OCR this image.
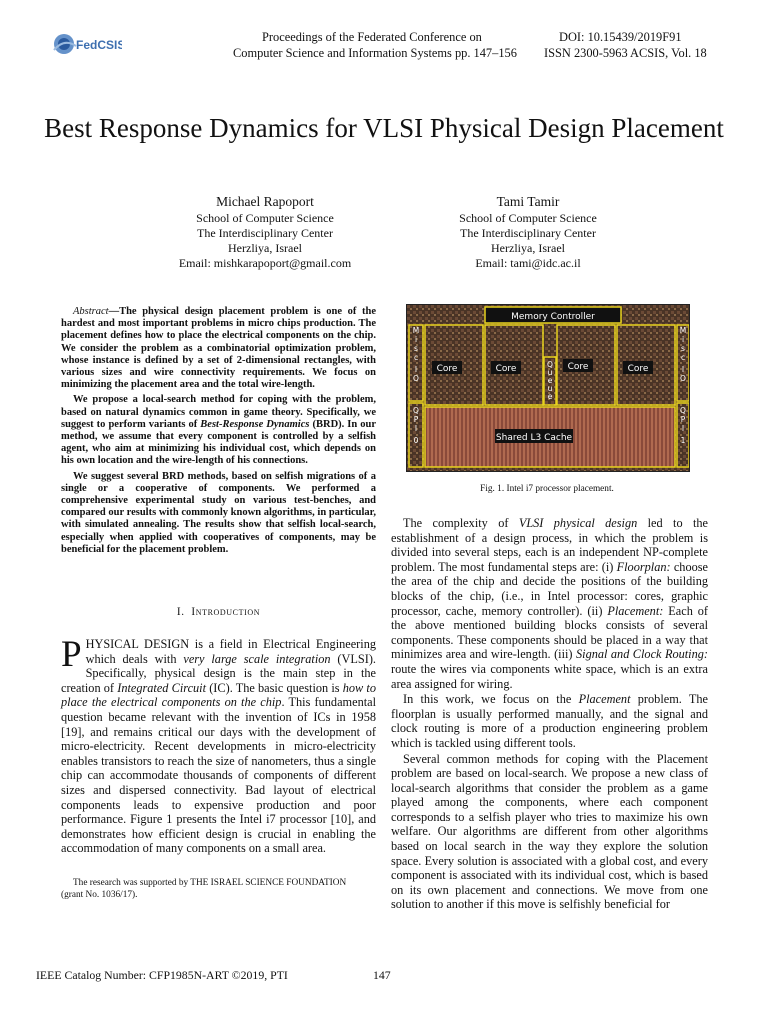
FedCSIS
Proceedings of the Federated Conference on	DOI: 10.15439/2019F91
Computer Science and Information Systems pp. 147–156 ISSN 2300-5963 ACSIS, Vol. 18
Best Response Dynamics for VLSI Physical Design Placement
Michael Rapoport
School of Computer Science
The Interdisciplinary Center
Herzliya, Israel
Email: mishkarapoport@gmail.com
Tami Tamir
School of Computer Science
The Interdisciplinary Center
Herzliya, Israel
Email: tami@idc.ac.il

Abstract—The physical design placement problem is one of the hardest and most important problems in micro chips production. The placement defines how to place the electrical components on the chip. We consider the problem as a combinatorial optimization problem, whose instance is defined by a set of 2-dimensional rectangles, with various sizes and wire connectivity requirements. We focus on minimizing the placement area and the total wire-length.

We propose a local-search method for coping with the problem, based on natural dynamics common in game theory. Specifically, we suggest to perform variants of Best-Response Dynamics (BRD). In our method, we assume that every component is controlled by a selfish agent, who aim at minimizing his individual cost, which depends on his own location and the wire-length of his connections.

We suggest several BRD methods, based on selfish migrations of a single or a cooperative of components. We performed a comprehensive experimental study on various test-benches, and compared our results with commonly known algorithms, in particular, with simulated annealing. The results show that selfish local-search, especially when applied with cooperatives of components, may be beneficial for the placement problem.

I. Introduction

PHYSICAL DESIGN is a field in Electrical Engineering which deals with very large scale integration (VLSI). Specifically, physical design is the main step in the creation of Integrated Circuit (IC). The basic question is how to place the electrical components on the chip. This fundamental question became relevant with the invention of ICs in 1958 [19], and remains critical our days with the development of micro-electricity. Recent developments in micro-electricity enables transistors to reach the size of nanometers, thus a single chip can accommodate thousands of components of different sizes and dispersed connectivity. Bad layout of electrical components leads to expensive production and poor performance. Figure 1 presents the Intel i7 processor [10], and demonstrates how efficient design is crucial in enabling the accommodation of many components on a small area.

The research was supported by THE ISRAEL SCIENCE FOUNDATION
(grant No. 1036/17).
Memory Controller
Core	Core	Core	Core
Shared L3 Cache
M
i
s
c
I
O
M
i
s
c
I
O
Q
P
I
0
Q
P
I
1
Q
u
e
u
e
Fig. 1. Intel i7 processor placement.

The complexity of VLSI physical design led to the establishment of a design process, in which the problem is divided into several steps, each is an independent NP-complete problem. The most fundamental steps are: (i) Floorplan: choose the area of the chip and decide the positions of the building blocks of the chip, (i.e., in Intel processor: cores, graphic processor, cache, memory controller). (ii) Placement: Each of the above mentioned building blocks consists of several components. These components should be placed in a way that minimizes area and wire-length. (iii) Signal and Clock Routing: route the wires via components white space, which is an extra area assigned for wiring.

In this work, we focus on the Placement problem. The floorplan is usually performed manually, and the signal and clock routing is more of a production engineering problem which is tackled using different tools.

Several common methods for coping with the Placement problem are based on local-search. We propose a new class of local-search algorithms that consider the problem as a game played among the components, where each component corresponds to a selfish player who tries to maximize his own welfare. Our algorithms are different from other algorithms based on local search in the way they explore the solution space. Every solution is associated with a global cost, and every component is associated with its individual cost, which is based on its own placement and connections. We move from one solution to another if this move is selfishly beneficial for

IEEE Catalog Number: CFP1985N-ART ©2019, PTI	147
